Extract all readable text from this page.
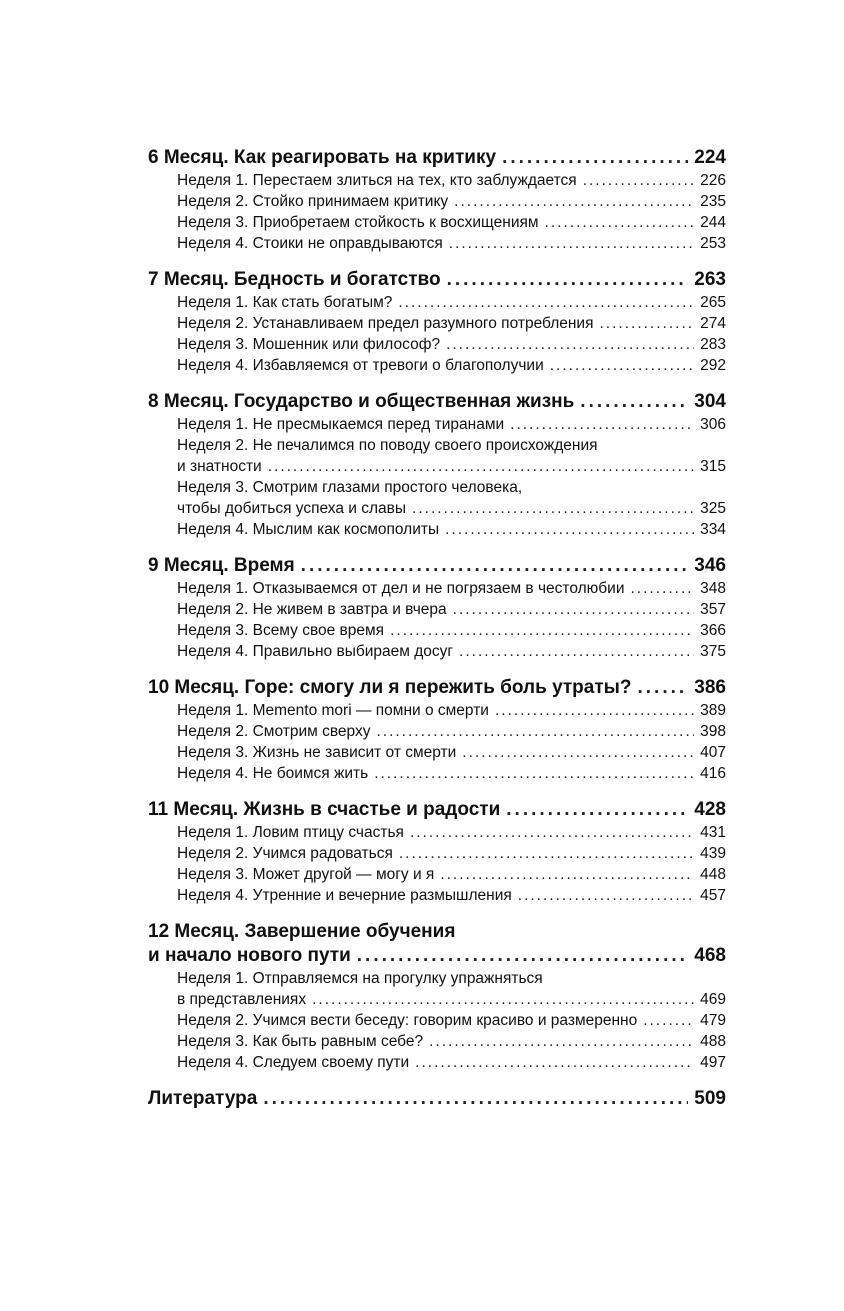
6 Месяц. Как реагировать на критику .....	224
Неделя 1. Перестаем злиться на тех, кто заблуждается .....	226
Неделя 2. Стойко принимаем критику .....	235
Неделя 3. Приобретаем стойкость к восхищениям .....	244
Неделя 4. Стоики не оправдываются .....	253
7 Месяц. Бедность и богатство .....	263
Неделя 1. Как стать богатым? .....	265
Неделя 2. Устанавливаем предел разумного потребления .....	274
Неделя 3. Мошенник или философ? .....	283
Неделя 4. Избавляемся от тревоги о благополучии .....	292
8 Месяц. Государство и общественная жизнь .....	304
Неделя 1. Не пресмыкаемся перед тиранами .....	306
Неделя 2. Не печалимся по поводу своего происхождения
и знатности .....	315
Неделя 3. Смотрим глазами простого человека,
чтобы добиться успеха и славы .....	325
Неделя 4. Мыслим как космополиты .....	334
9 Месяц. Время .....	346
Неделя 1. Отказываемся от дел и не погрязаем в честолюбии .....	348
Неделя 2. Не живем в завтра и вчера .....	357
Неделя 3. Всему свое время .....	366
Неделя 4. Правильно выбираем досуг .....	375
10 Месяц. Горе: смогу ли я пережить боль утраты? .....	386
Неделя 1. Memento mori — помни о смерти .....	389
Неделя 2. Смотрим сверху .....	398
Неделя 3. Жизнь не зависит от смерти .....	407
Неделя 4. Не боимся жить .....	416
11 Месяц. Жизнь в счастье и радости .....	428
Неделя 1. Ловим птицу счастья .....	431
Неделя 2. Учимся радоваться .....	439
Неделя 3. Может другой — могу и я .....	448
Неделя 4. Утренние и вечерние размышления .....	457
12 Месяц. Завершение обучения
и начало нового пути .....	468
Неделя 1. Отправляемся на прогулку упражняться
в представлениях .....	469
Неделя 2. Учимся вести беседу: говорим красиво и размеренно .....	479
Неделя 3. Как быть равным себе? .....	488
Неделя 4. Следуем своему пути .....	497
Литература .....	509
